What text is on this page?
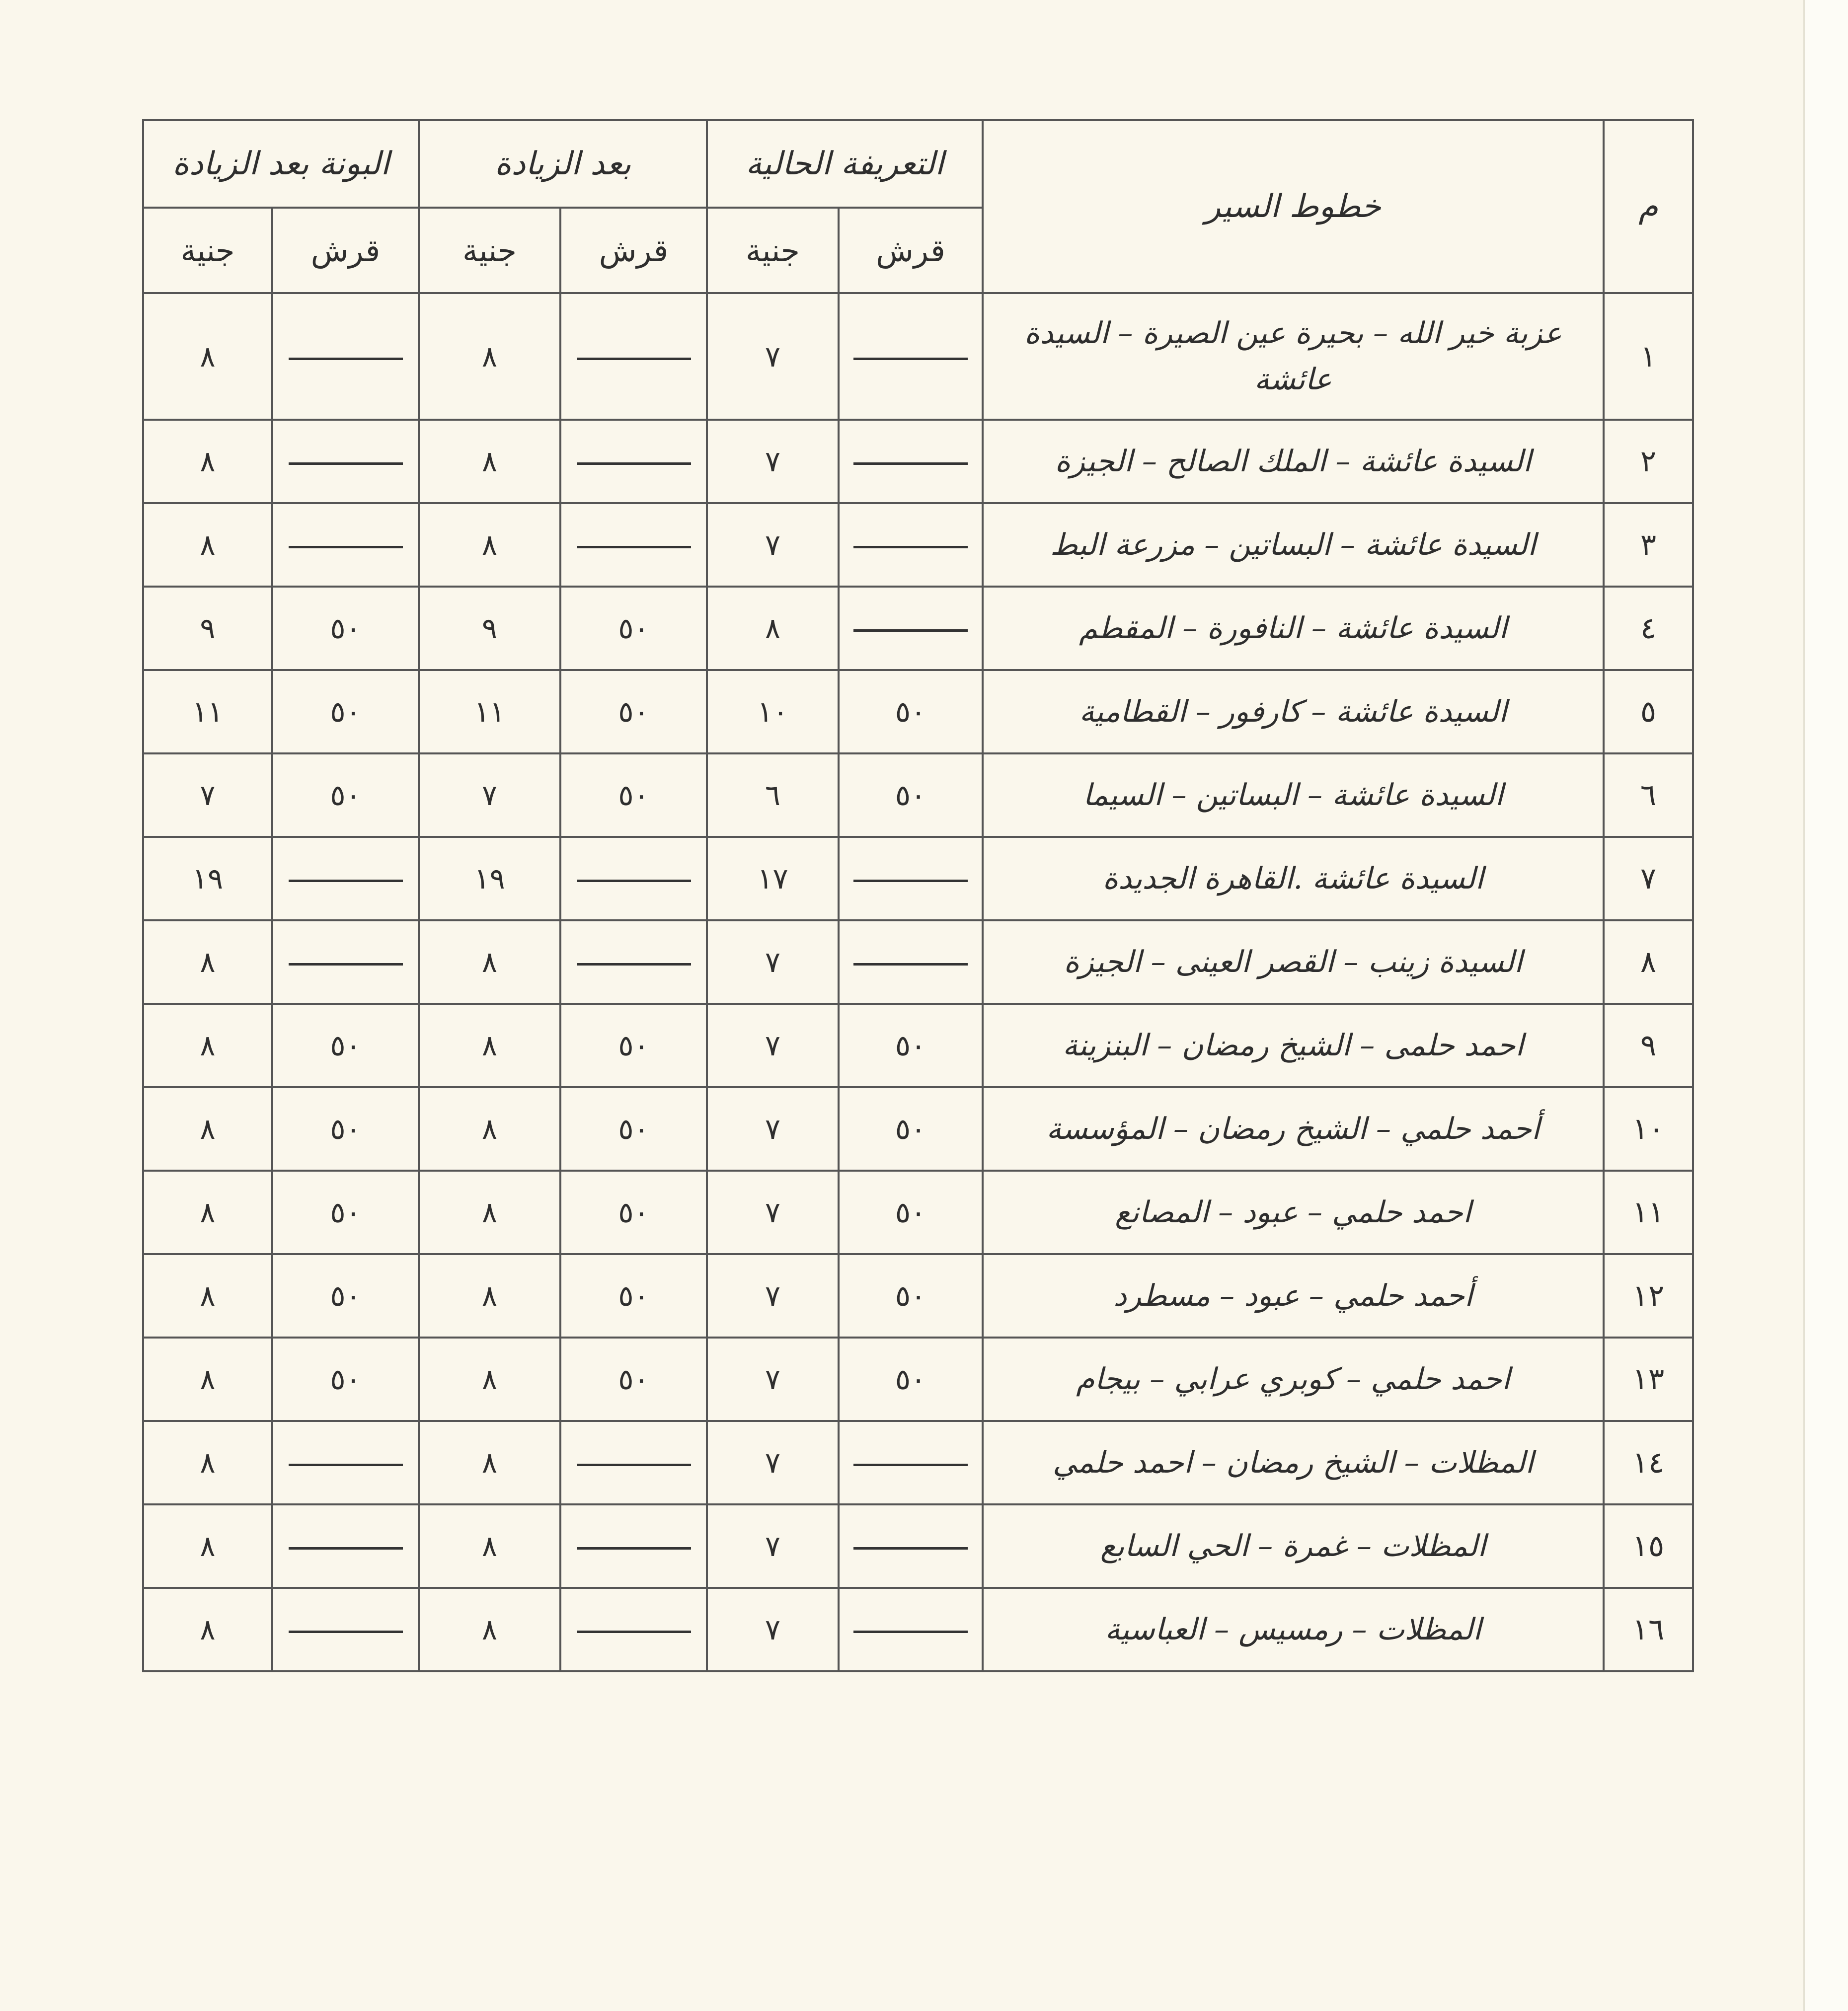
م	خطوط السير	التعريفة الحالية		بعد الزيادة		البونة بعد الزيادة	
		قرش	جنية	قرش	جنية	قرش	جنية
١	عزبة خير الله – بحيرة عين الصيرة – السيدة عائشة		٧		٨		٨
٢	السيدة عائشة – الملك الصالح – الجيزة		٧		٨		٨
٣	السيدة عائشة – البساتين – مزرعة البط		٧		٨		٨
٤	السيدة عائشة – النافورة – المقطم		٨	٥٠	٩	٥٠	٩
٥	السيدة عائشة – كارفور – القطامية	٥٠	١٠	٥٠	١١	٥٠	١١
٦	السيدة عائشة – البساتين – السيما	٥٠	٦	٥٠	٧	٥٠	٧
٧	السيدة عائشة .القاهرة الجديدة		١٧		١٩		١٩
٨	السيدة زينب – القصر العينى – الجيزة		٧		٨		٨
٩	احمد حلمى – الشيخ رمضان – البنزينة	٥٠	٧	٥٠	٨	٥٠	٨
١٠	أحمد حلمي – الشيخ رمضان – المؤسسة	٥٠	٧	٥٠	٨	٥٠	٨
١١	احمد حلمي – عبود – المصانع	٥٠	٧	٥٠	٨	٥٠	٨
١٢	أحمد حلمي – عبود – مسطرد	٥٠	٧	٥٠	٨	٥٠	٨
١٣	احمد حلمي – كوبري عرابي – بيجام	٥٠	٧	٥٠	٨	٥٠	٨
١٤	المظلات – الشيخ رمضان – احمد حلمي		٧		٨		٨
١٥	المظلات – غمرة – الحي السابع		٧		٨		٨
١٦	المظلات – رمسيس – العباسية		٧		٨		٨
